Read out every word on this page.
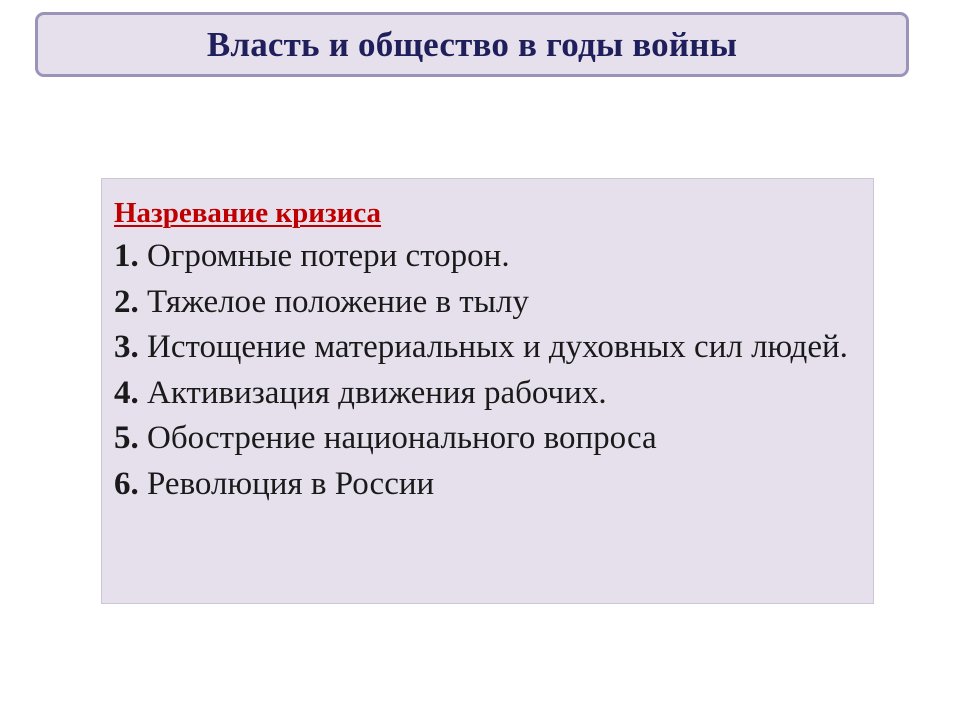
Власть и общество в годы войны

Назревание кризиса

1. Огромные потери сторон.

2. Тяжелое положение в тылу

3. Истощение материальных и духовных сил людей.

4. Активизация движения рабочих.

5. Обострение национального вопроса

6. Революция в России
